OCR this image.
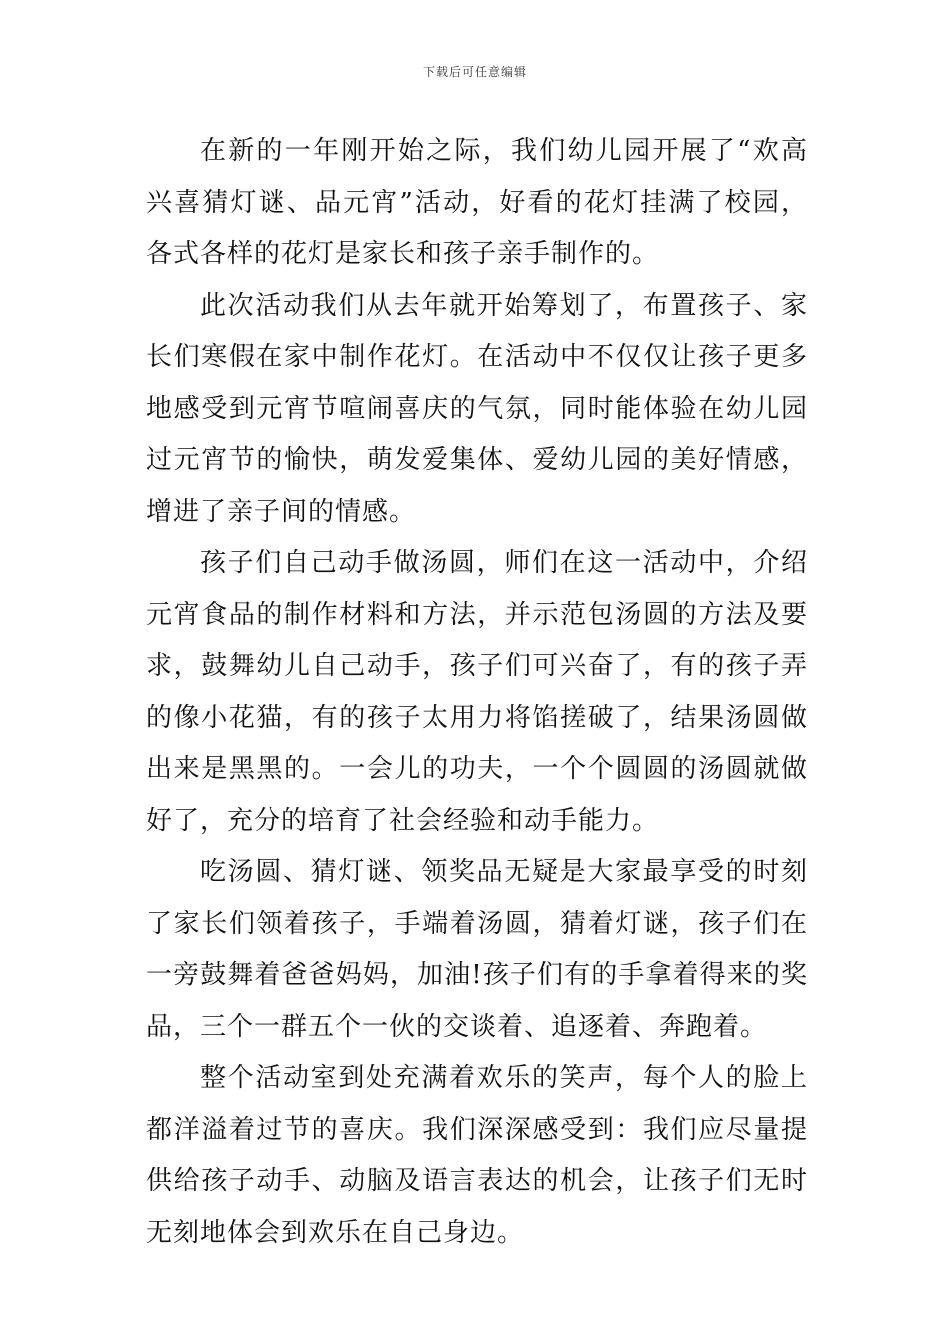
下载后可任意编辑

在新的一年刚开始之际，我们幼儿园开展了“欢高兴喜猜灯谜、品元宵”活动，好看的花灯挂满了校园，各式各样的花灯是家长和孩子亲手制作的。

此次活动我们从去年就开始筹划了，布置孩子、家长们寒假在家中制作花灯。在活动中不仅仅让孩子更多地感受到元宵节喧闹喜庆的气氛，同时能体验在幼儿园过元宵节的愉快，萌发爱集体、爱幼儿园的美好情感，增进了亲子间的情感。

孩子们自己动手做汤圆，师们在这一活动中，介绍元宵食品的制作材料和方法，并示范包汤圆的方法及要求，鼓舞幼儿自己动手，孩子们可兴奋了，有的孩子弄的像小花猫，有的孩子太用力将馅搓破了，结果汤圆做出来是黑黑的。一会儿的功夫，一个个圆圆的汤圆就做好了，充分的培育了社会经验和动手能力。

吃汤圆、猜灯谜、领奖品无疑是大家最享受的时刻了家长们领着孩子，手端着汤圆，猜着灯谜，孩子们在一旁鼓舞着爸爸妈妈，加油!孩子们有的手拿着得来的奖品，三个一群五个一伙的交谈着、追逐着、奔跑着。

整个活动室到处充满着欢乐的笑声，每个人的脸上都洋溢着过节的喜庆。我们深深感受到：我们应尽量提供给孩子动手、动脑及语言表达的机会，让孩子们无时无刻地体会到欢乐在自己身边。
